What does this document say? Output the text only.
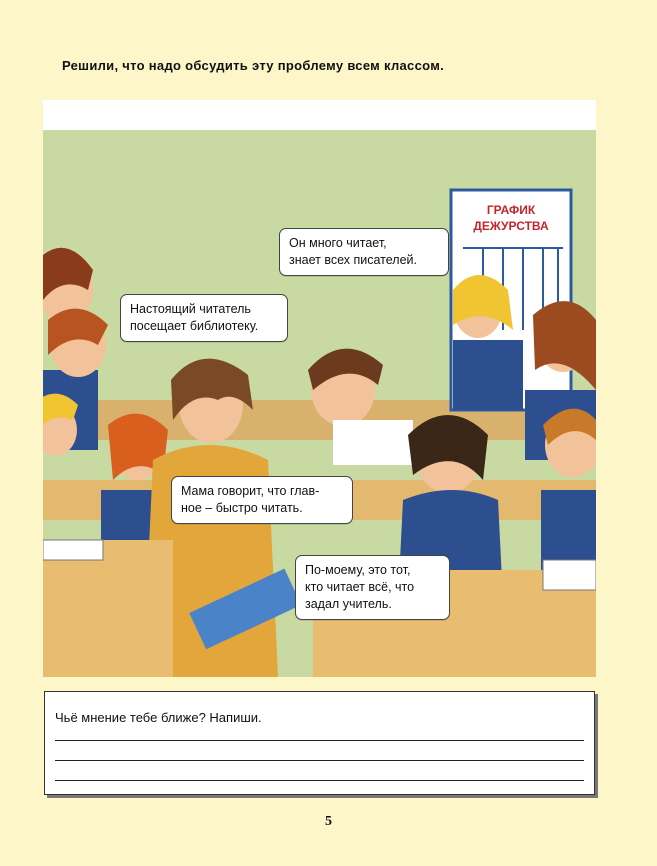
Решили, что надо обсудить эту проблему всем классом.
ГРАФИК
ДЕЖУРСТВА
Настоящий читатель
посещает библиотеку.
Он много читает,
знает всех писателей.
Мама говорит, что глав-
ное – быстро читать.
По-моему, это тот,
кто читает всё, что
задал учитель.
Чьё мнение тебе ближе? Напиши.
5
